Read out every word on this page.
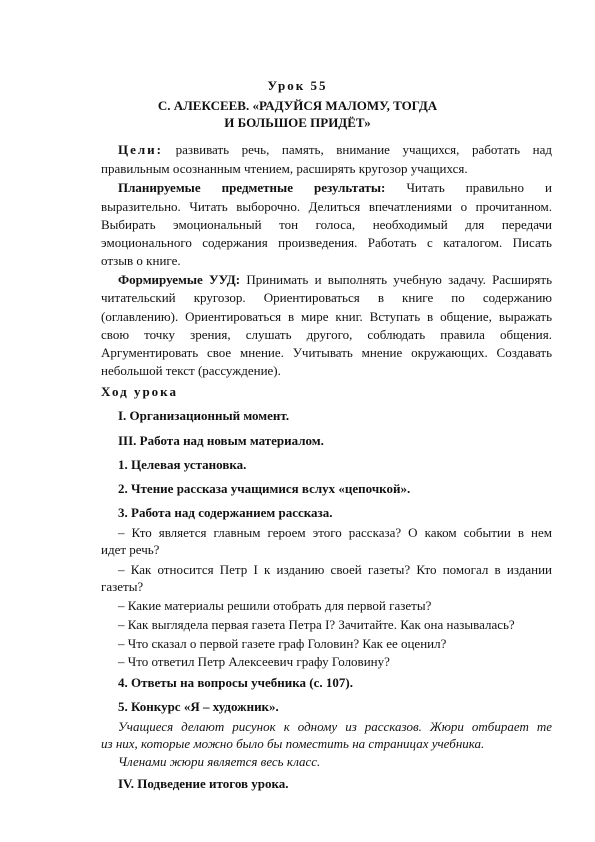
Урок 55
С. АЛЕКСЕЕВ. «РАДУЙСЯ МАЛОМУ, ТОГДА
И БОЛЬШОЕ ПРИДЁТ»
Цели: развивать речь, память, внимание учащихся, работать над
правильным осознанным чтением, расширять кругозор учащихся.
Планируемые предметные результаты: Читать правильно и
выразительно. Читать выборочно. Делиться впечатлениями о прочитанном.
Выбирать эмоциональный тон голоса, необходимый для передачи
эмоционального содержания произведения. Работать с каталогом. Писать
отзыв о книге.
Формируемые УУД: Принимать и выполнять учебную задачу. Расширять
читательский кругозор. Ориентироваться в книге по содержанию
(оглавлению). Ориентироваться в мире книг. Вступать в общение, выражать
свою точку зрения, слушать другого, соблюдать правила общения.
Аргументировать свое мнение. Учитывать мнение окружающих. Создавать
небольшой текст (рассуждение).
Ход урока
I. Организационный момент.
III. Работа над новым материалом.
1. Целевая установка.
2. Чтение рассказа учащимися вслух «цепочкой».
3. Работа над содержанием рассказа.
– Кто является главным героем этого рассказа? О каком событии в нем
идет речь?
– Как относится Петр I к изданию своей газеты? Кто помогал в издании
газеты?
– Какие материалы решили отобрать для первой газеты?
– Как выглядела первая газета Петра I? Зачитайте. Как она называлась?
– Что сказал о первой газете граф Головин? Как ее оценил?
– Что ответил Петр Алексеевич графу Головину?
4. Ответы на вопросы учебника (с. 107).
5. Конкурс «Я – художник».
Учащиеся делают рисунок к одному из рассказов. Жюри отбирает те
из них, которые можно было бы поместить на страницах учебника.
Членами жюри является весь класс.
IV. Подведение итогов урока.
